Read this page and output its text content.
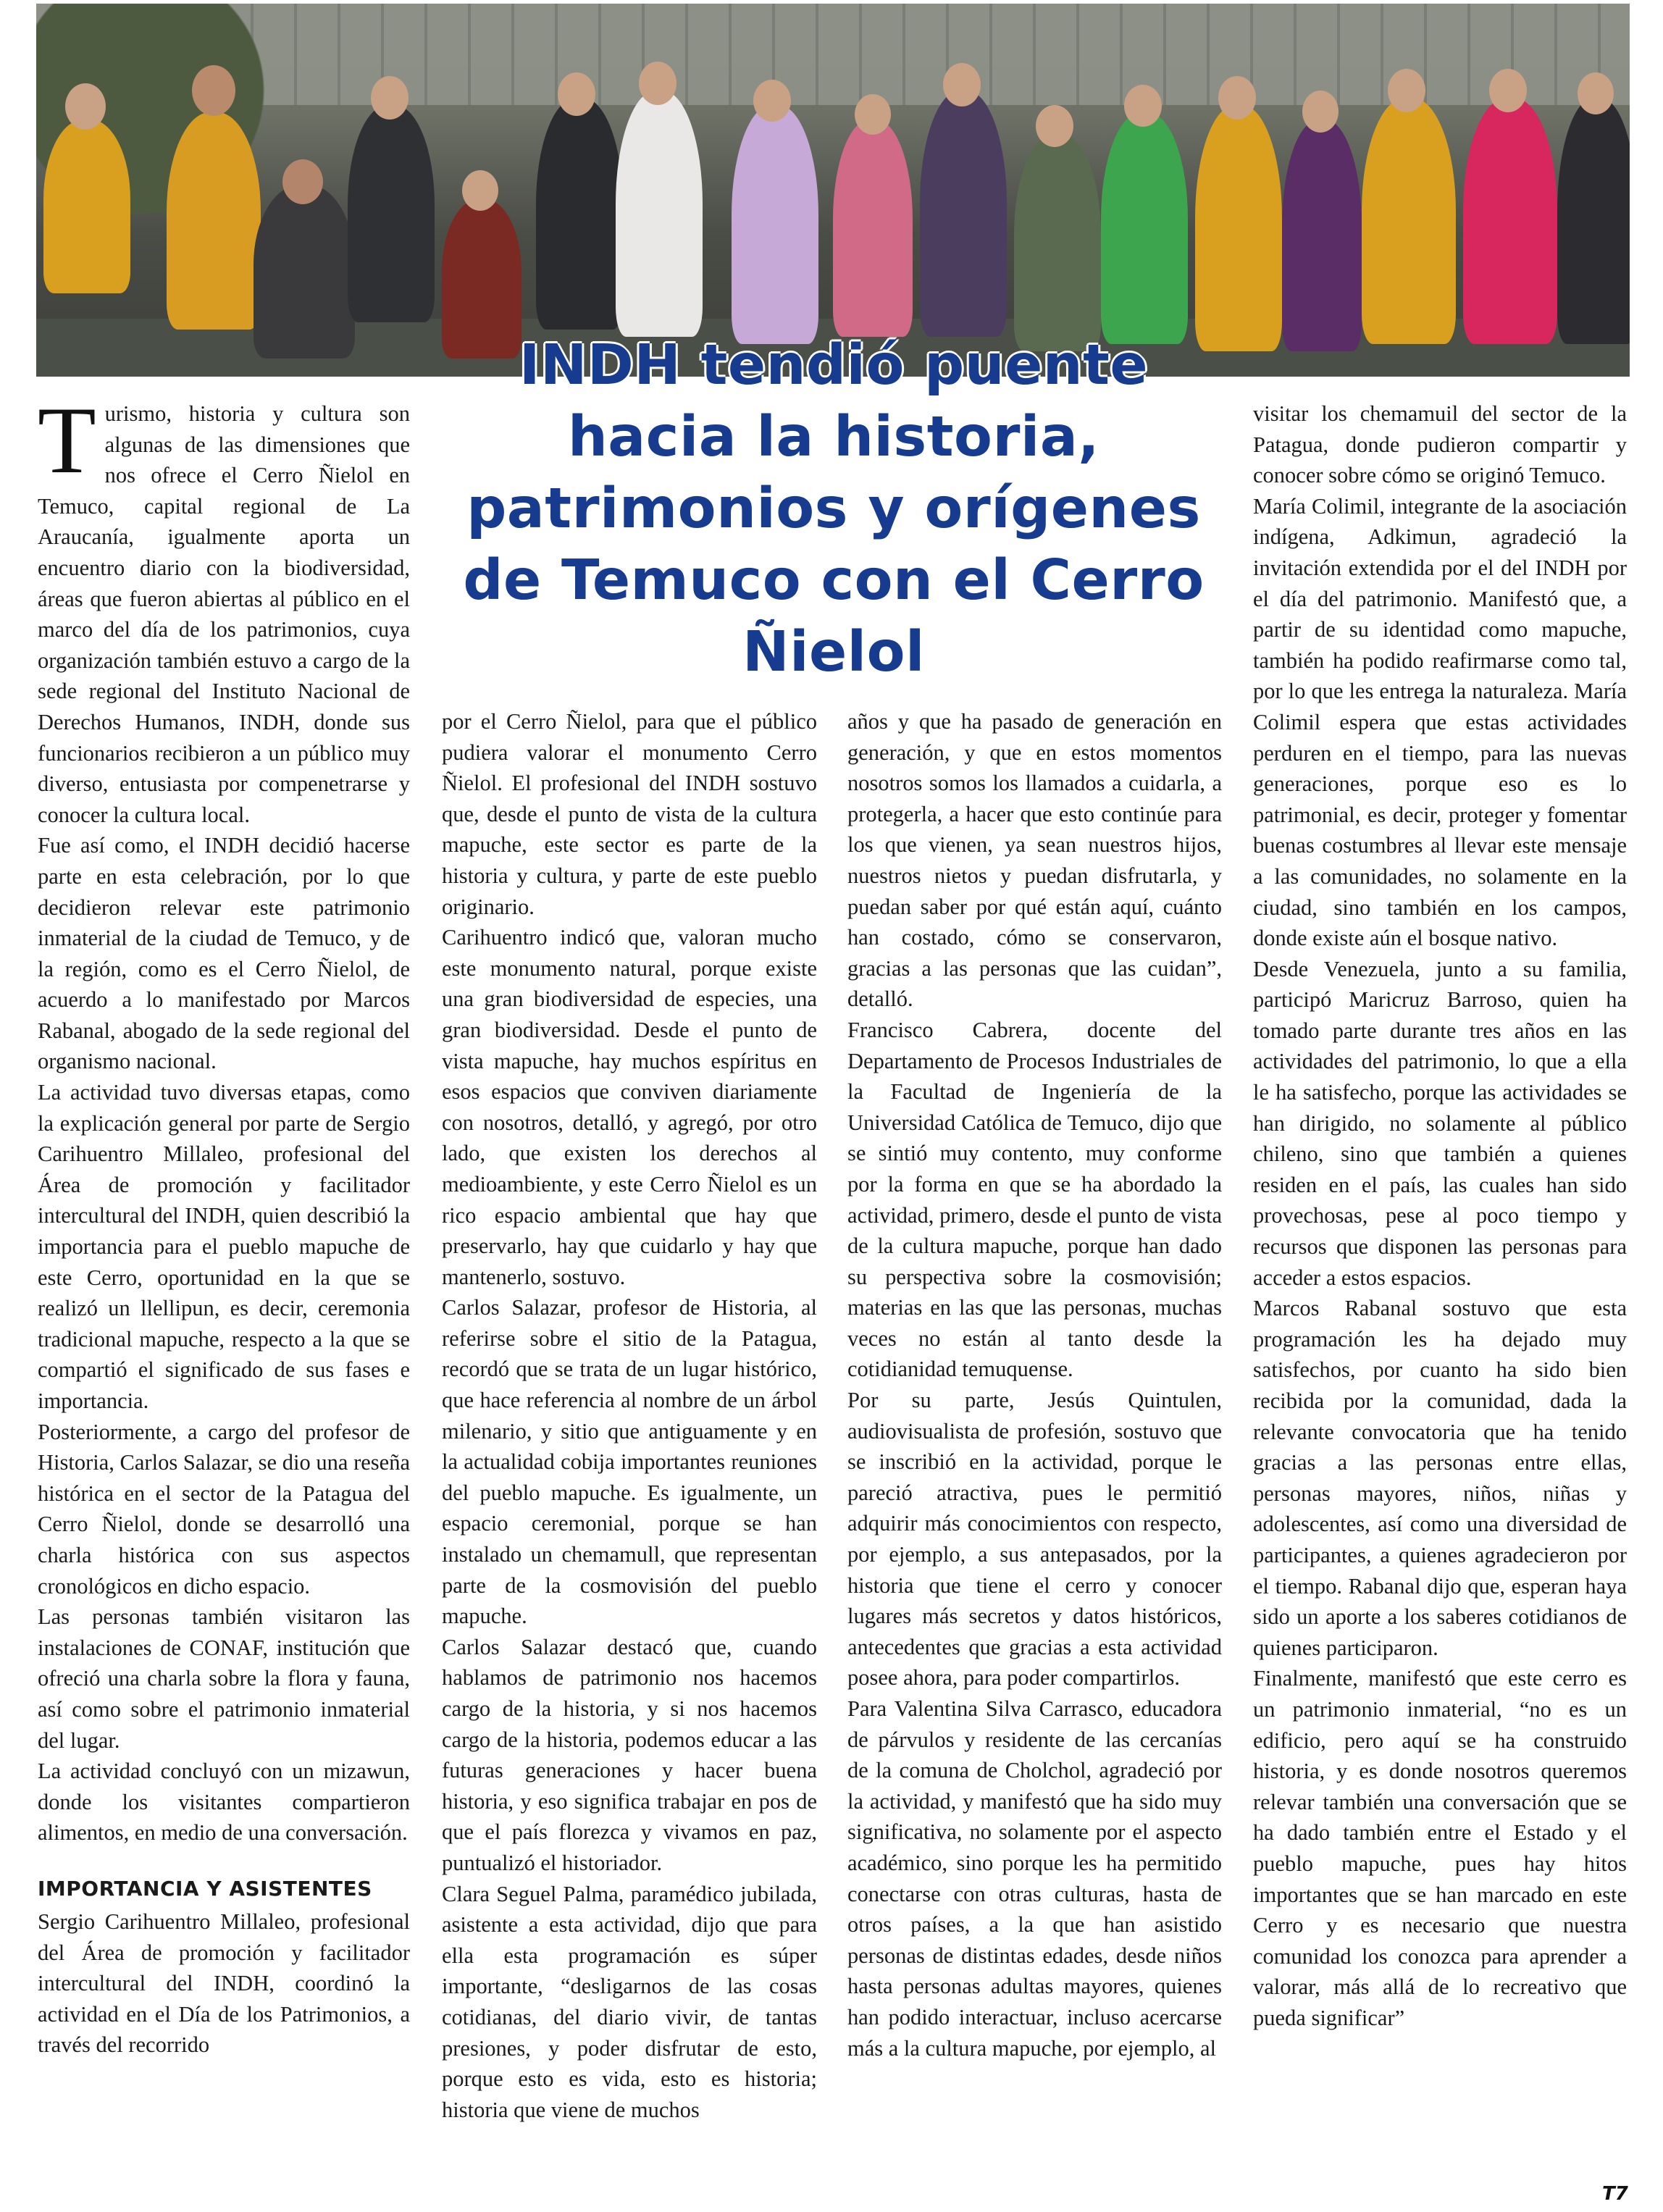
INDH tendió puente hacia la historia, patrimonios y orígenes de Temuco con el Cerro Ñielol

Turismo, historia y cultura son algunas de las dimensiones que nos ofrece el Cerro Ñielol en Temuco, capital regional de La Araucanía, igualmente aporta un encuentro diario con la biodiversidad, áreas que fueron abiertas al público en el marco del día de los patrimonios, cuya organización también estuvo a cargo de la sede regional del Instituto Nacional de Derechos Humanos, INDH, donde sus funcionarios recibieron a un público muy diverso, entusiasta por compenetrarse y conocer la cultura local.

Fue así como, el INDH decidió hacerse parte en esta celebración, por lo que decidieron relevar este patrimonio inmaterial de la ciudad de Temuco, y de la región, como es el Cerro Ñielol, de acuerdo a lo manifestado por Marcos Rabanal, abogado de la sede regional del organismo nacional.

La actividad tuvo diversas etapas, como la explicación general por parte de Sergio Carihuentro Millaleo, profesional del Área de promoción y facilitador intercultural del INDH, quien describió la importancia para el pueblo mapuche de este Cerro, oportunidad en la que se realizó un llellipun, es decir, ceremonia tradicional mapuche, respecto a la que se compartió el significado de sus fases e importancia.

Posteriormente, a cargo del profesor de Historia, Carlos Salazar, se dio una reseña histórica en el sector de la Patagua del Cerro Ñielol, donde se desarrolló una charla histórica con sus aspectos cronológicos en dicho espacio.

Las personas también visitaron las instalaciones de CONAF, institución que ofreció una charla sobre la flora y fauna, así como sobre el patrimonio inmaterial del lugar.

La actividad concluyó con un mizawun, donde los visitantes compartieron alimentos, en medio de una conversación.

IMPORTANCIA Y ASISTENTES

Sergio Carihuentro Millaleo, profesional del Área de promoción y facilitador intercultural del INDH, coordinó la actividad en el Día de los Patrimonios, a través del recorrido

por el Cerro Ñielol, para que el público pudiera valorar el monumento Cerro Ñielol. El profesional del INDH sostuvo que, desde el punto de vista de la cultura mapuche, este sector es parte de la historia y cultura, y parte de este pueblo originario.

Carihuentro indicó que, valoran mucho este monumento natural, porque existe una gran biodiversidad de especies, una gran biodiversidad. Desde el punto de vista mapuche, hay muchos espíritus en esos espacios que conviven diariamente con nosotros, detalló, y agregó, por otro lado, que existen los derechos al medioambiente, y este Cerro Ñielol es un rico espacio ambiental que hay que preservarlo, hay que cuidarlo y hay que mantenerlo, sostuvo.

Carlos Salazar, profesor de Historia, al referirse sobre el sitio de la Patagua, recordó que se trata de un lugar histórico, que hace referencia al nombre de un árbol milenario, y sitio que antiguamente y en la actualidad cobija importantes reuniones del pueblo mapuche. Es igualmente, un espacio ceremonial, porque se han instalado un chemamull, que representan parte de la cosmovisión del pueblo mapuche.

Carlos Salazar destacó que, cuando hablamos de patrimonio nos hacemos cargo de la historia, y si nos hacemos cargo de la historia, podemos educar a las futuras generaciones y hacer buena historia, y eso significa trabajar en pos de que el país florezca y vivamos en paz, puntualizó el historiador.

Clara Seguel Palma, paramédico jubilada, asistente a esta actividad, dijo que para ella esta programación es súper importante, “desligarnos de las cosas cotidianas, del diario vivir, de tantas presiones, y poder disfrutar de esto, porque esto es vida, esto es historia; historia que viene de muchos

años y que ha pasado de generación en generación, y que en estos momentos nosotros somos los llamados a cuidarla, a protegerla, a hacer que esto continúe para los que vienen, ya sean nuestros hijos, nuestros nietos y puedan disfrutarla, y puedan saber por qué están aquí, cuánto han costado, cómo se conservaron, gracias a las personas que las cuidan”, detalló.

Francisco Cabrera, docente del Departamento de Procesos Industriales de la Facultad de Ingeniería de la Universidad Católica de Temuco, dijo que se sintió muy contento, muy conforme por la forma en que se ha abordado la actividad, primero, desde el punto de vista de la cultura mapuche, porque han dado su perspectiva sobre la cosmovisión; materias en las que las personas, muchas veces no están al tanto desde la cotidianidad temuquense.

Por su parte, Jesús Quintulen, audiovisualista de profesión, sostuvo que se inscribió en la actividad, porque le pareció atractiva, pues le permitió adquirir más conocimientos con respecto, por ejemplo, a sus antepasados, por la historia que tiene el cerro y conocer lugares más secretos y datos históricos, antecedentes que gracias a esta actividad posee ahora, para poder compartirlos.

Para Valentina Silva Carrasco, educadora de párvulos y residente de las cercanías de la comuna de Cholchol, agradeció por la actividad, y manifestó que ha sido muy significativa, no solamente por el aspecto académico, sino porque les ha permitido conectarse con otras culturas, hasta de otros países, a la que han asistido personas de distintas edades, desde niños hasta personas adultas mayores, quienes han podido interactuar, incluso acercarse más a la cultura mapuche, por ejemplo, al

visitar los chemamuil del sector de la Patagua, donde pudieron compartir y conocer sobre cómo se originó Temuco.

María Colimil, integrante de la asociación indígena, Adkimun, agradeció la invitación extendida por el del INDH por el día del patrimonio. Manifestó que, a partir de su identidad como mapuche, también ha podido reafirmarse como tal, por lo que les entrega la naturaleza. María Colimil espera que estas actividades perduren en el tiempo, para las nuevas generaciones, porque eso es lo patrimonial, es decir, proteger y fomentar buenas costumbres al llevar este mensaje a las comunidades, no solamente en la ciudad, sino también en los campos, donde existe aún el bosque nativo.

Desde Venezuela, junto a su familia, participó Maricruz Barroso, quien ha tomado parte durante tres años en las actividades del patrimonio, lo que a ella le ha satisfecho, porque las actividades se han dirigido, no solamente al público chileno, sino que también a quienes residen en el país, las cuales han sido provechosas, pese al poco tiempo y recursos que disponen las personas para acceder a estos espacios.

Marcos Rabanal sostuvo que esta programación les ha dejado muy satisfechos, por cuanto ha sido bien recibida por la comunidad, dada la relevante convocatoria que ha tenido gracias a las personas entre ellas, personas mayores, niños, niñas y adolescentes, así como una diversidad de participantes, a quienes agradecieron por el tiempo. Rabanal dijo que, esperan haya sido un aporte a los saberes cotidianos de quienes participaron.

Finalmente, manifestó que este cerro es un patrimonio inmaterial, “no es un edificio, pero aquí se ha construido historia, y es donde nosotros queremos relevar también una conversación que se ha dado también entre el Estado y el pueblo mapuche, pues hay hitos importantes que se han marcado en este Cerro y es necesario que nuestra comunidad los conozca para aprender a valorar, más allá de lo recreativo que pueda significar”

T7
